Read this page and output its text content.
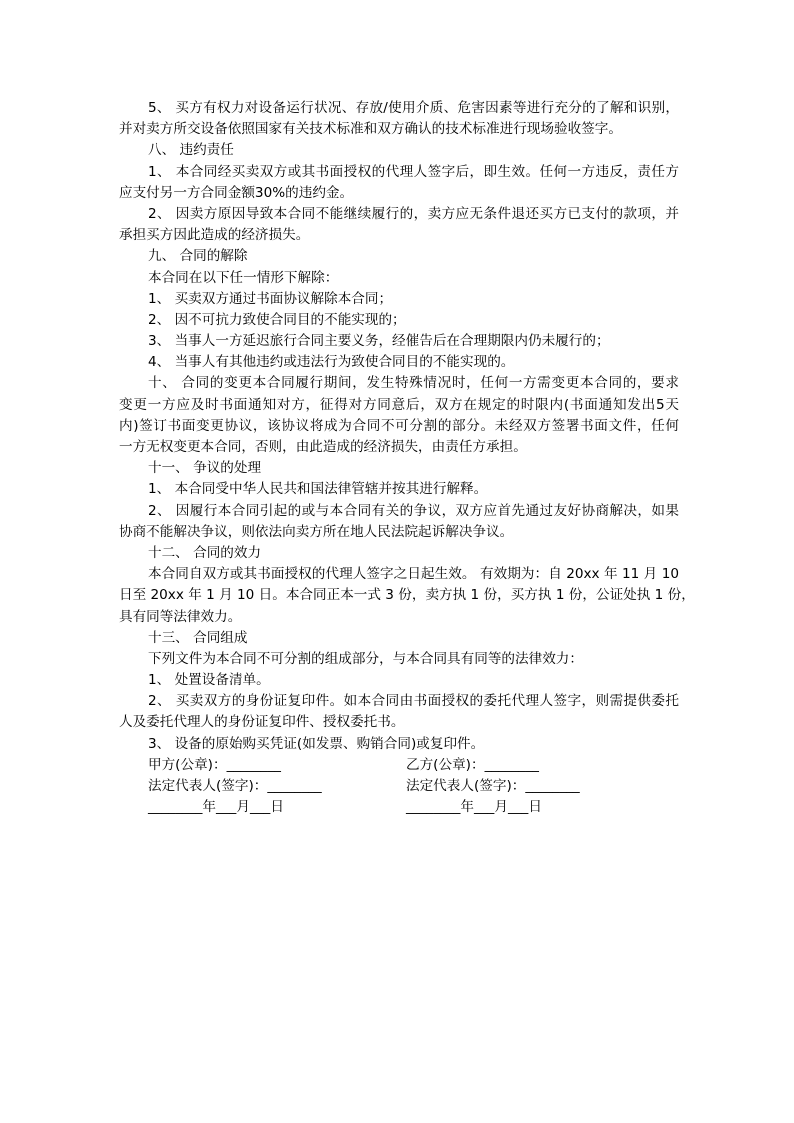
5、 买方有权力对设备运行状况、存放/使用介质、危害因素等进行充分的了解和识别，
并对卖方所交设备依照国家有关技术标准和双方确认的技术标准进行现场验收签字。
八、 违约责任
1、 本合同经买卖双方或其书面授权的代理人签字后，即生效。任何一方违反，责任方
应支付另一方合同金额30%的违约金。
2、 因卖方原因导致本合同不能继续履行的，卖方应无条件退还买方已支付的款项，并
承担买方因此造成的经济损失。
九、 合同的解除
本合同在以下任一情形下解除：
1、 买卖双方通过书面协议解除本合同；
2、 因不可抗力致使合同目的不能实现的；
3、 当事人一方延迟旅行合同主要义务，经催告后在合理期限内仍未履行的；
4、 当事人有其他违约或违法行为致使合同目的不能实现的。
十、 合同的变更本合同履行期间，发生特殊情况时，任何一方需变更本合同的，要求
变更一方应及时书面通知对方，征得对方同意后，双方在规定的时限内(书面通知发出5天
内)签订书面变更协议，该协议将成为合同不可分割的部分。未经双方签署书面文件，任何
一方无权变更本合同，否则，由此造成的经济损失，由责任方承担。
十一、 争议的处理
1、 本合同受中华人民共和国法律管辖并按其进行解释。
2、 因履行本合同引起的或与本合同有关的争议，双方应首先通过友好协商解决，如果
协商不能解决争议，则依法向卖方所在地人民法院起诉解决争议。
十二、 合同的效力
本合同自双方或其书面授权的代理人签字之日起生效。 有效期为：自 20xx 年 11 月 10
日至 20xx 年 1 月 10 日。本合同正本一式 3 份，卖方执 1 份，买方执 1 份，公证处执 1 份，
具有同等法律效力。
十三、 合同组成
下列文件为本合同不可分割的组成部分，与本合同具有同等的法律效力：
1、 处置设备清单。
2、 买卖双方的身份证复印件。如本合同由书面授权的委托代理人签字，则需提供委托
人及委托代理人的身份证复印件、授权委托书。
3、 设备的原始购买凭证(如发票、购销合同)或复印件。
甲方(公章)：________	乙方(公章)：________
法定代表人(签字)：________	法定代表人(签字)：________
________年___月___日	________年___月___日
